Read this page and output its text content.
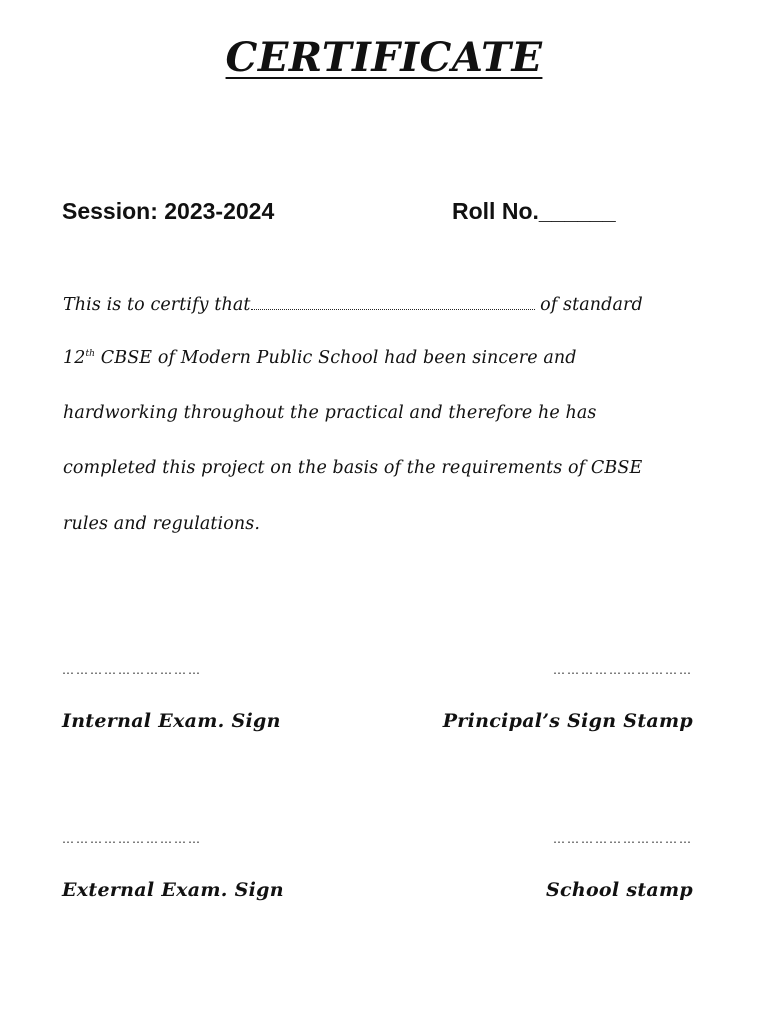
CERTIFICATE
Session: 2023-2024	Roll No.______
This is to certify that	of standard
12th CBSE of Modern Public School had been sincere and
hardworking throughout the practical and therefore he has
completed this project on the basis of the requirements of CBSE
rules and regulations.
…………………………	…………………………
Internal Exam. Sign	Principal’s Sign Stamp
…………………………	…………………………
External Exam. Sign	School stamp
